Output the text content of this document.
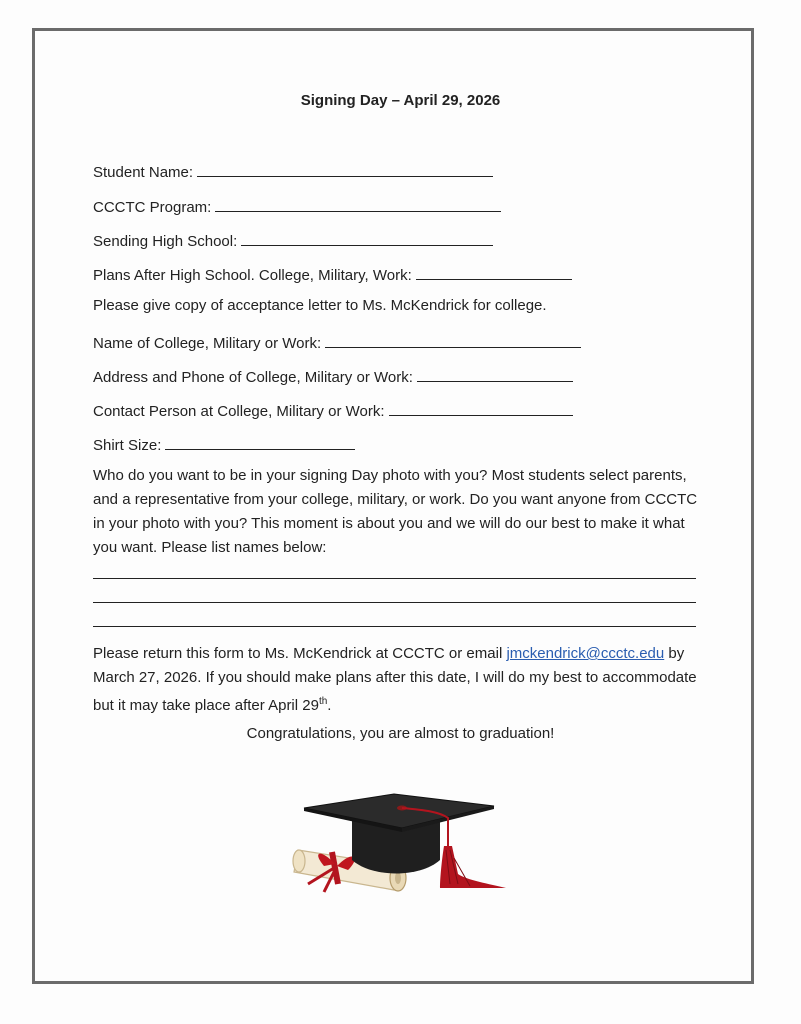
Signing Day – April 29, 2026
Student Name:
CCCTC Program:
Sending High School:
Plans After High School. College, Military, Work:
Please give copy of acceptance letter to Ms. McKendrick for college.
Name of College, Military or Work:
Address and Phone of College, Military or Work:
Contact Person at College, Military or Work:
Shirt Size:
Who do you want to be in your signing Day photo with you? Most students select parents, and a representative from your college, military, or work. Do you want anyone from CCCTC in your photo with you? This moment is about you and we will do our best to make it what you want. Please list names below:
Please return this form to Ms. McKendrick at CCCTC or email jmckendrick@ccctc.edu by March 27, 2026. If you should make plans after this date, I will do my best to accommodate but it may take place after April 29th.
Congratulations, you are almost to graduation!
